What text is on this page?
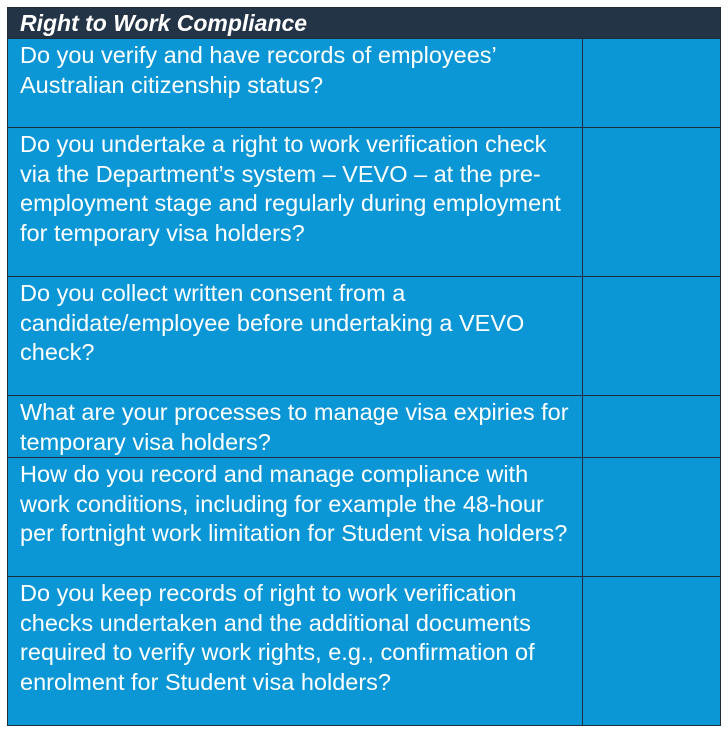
Right to Work Compliance	
Do you verify and have records of employees’ Australian citizenship status?	
Do you undertake a right to work verification check via the Department’s system – VEVO – at the pre-employment stage and regularly during employment for temporary visa holders?	
Do you collect written consent from a candidate/employee before undertaking a VEVO check?	
What are your processes to manage visa expiries for temporary visa holders?	
How do you record and manage compliance with work conditions, including for example the 48-hour per fortnight work limitation for Student visa holders?	
Do you keep records of right to work verification checks undertaken and the additional documents required to verify work rights, e.g., confirmation of enrolment for Student visa holders?	
